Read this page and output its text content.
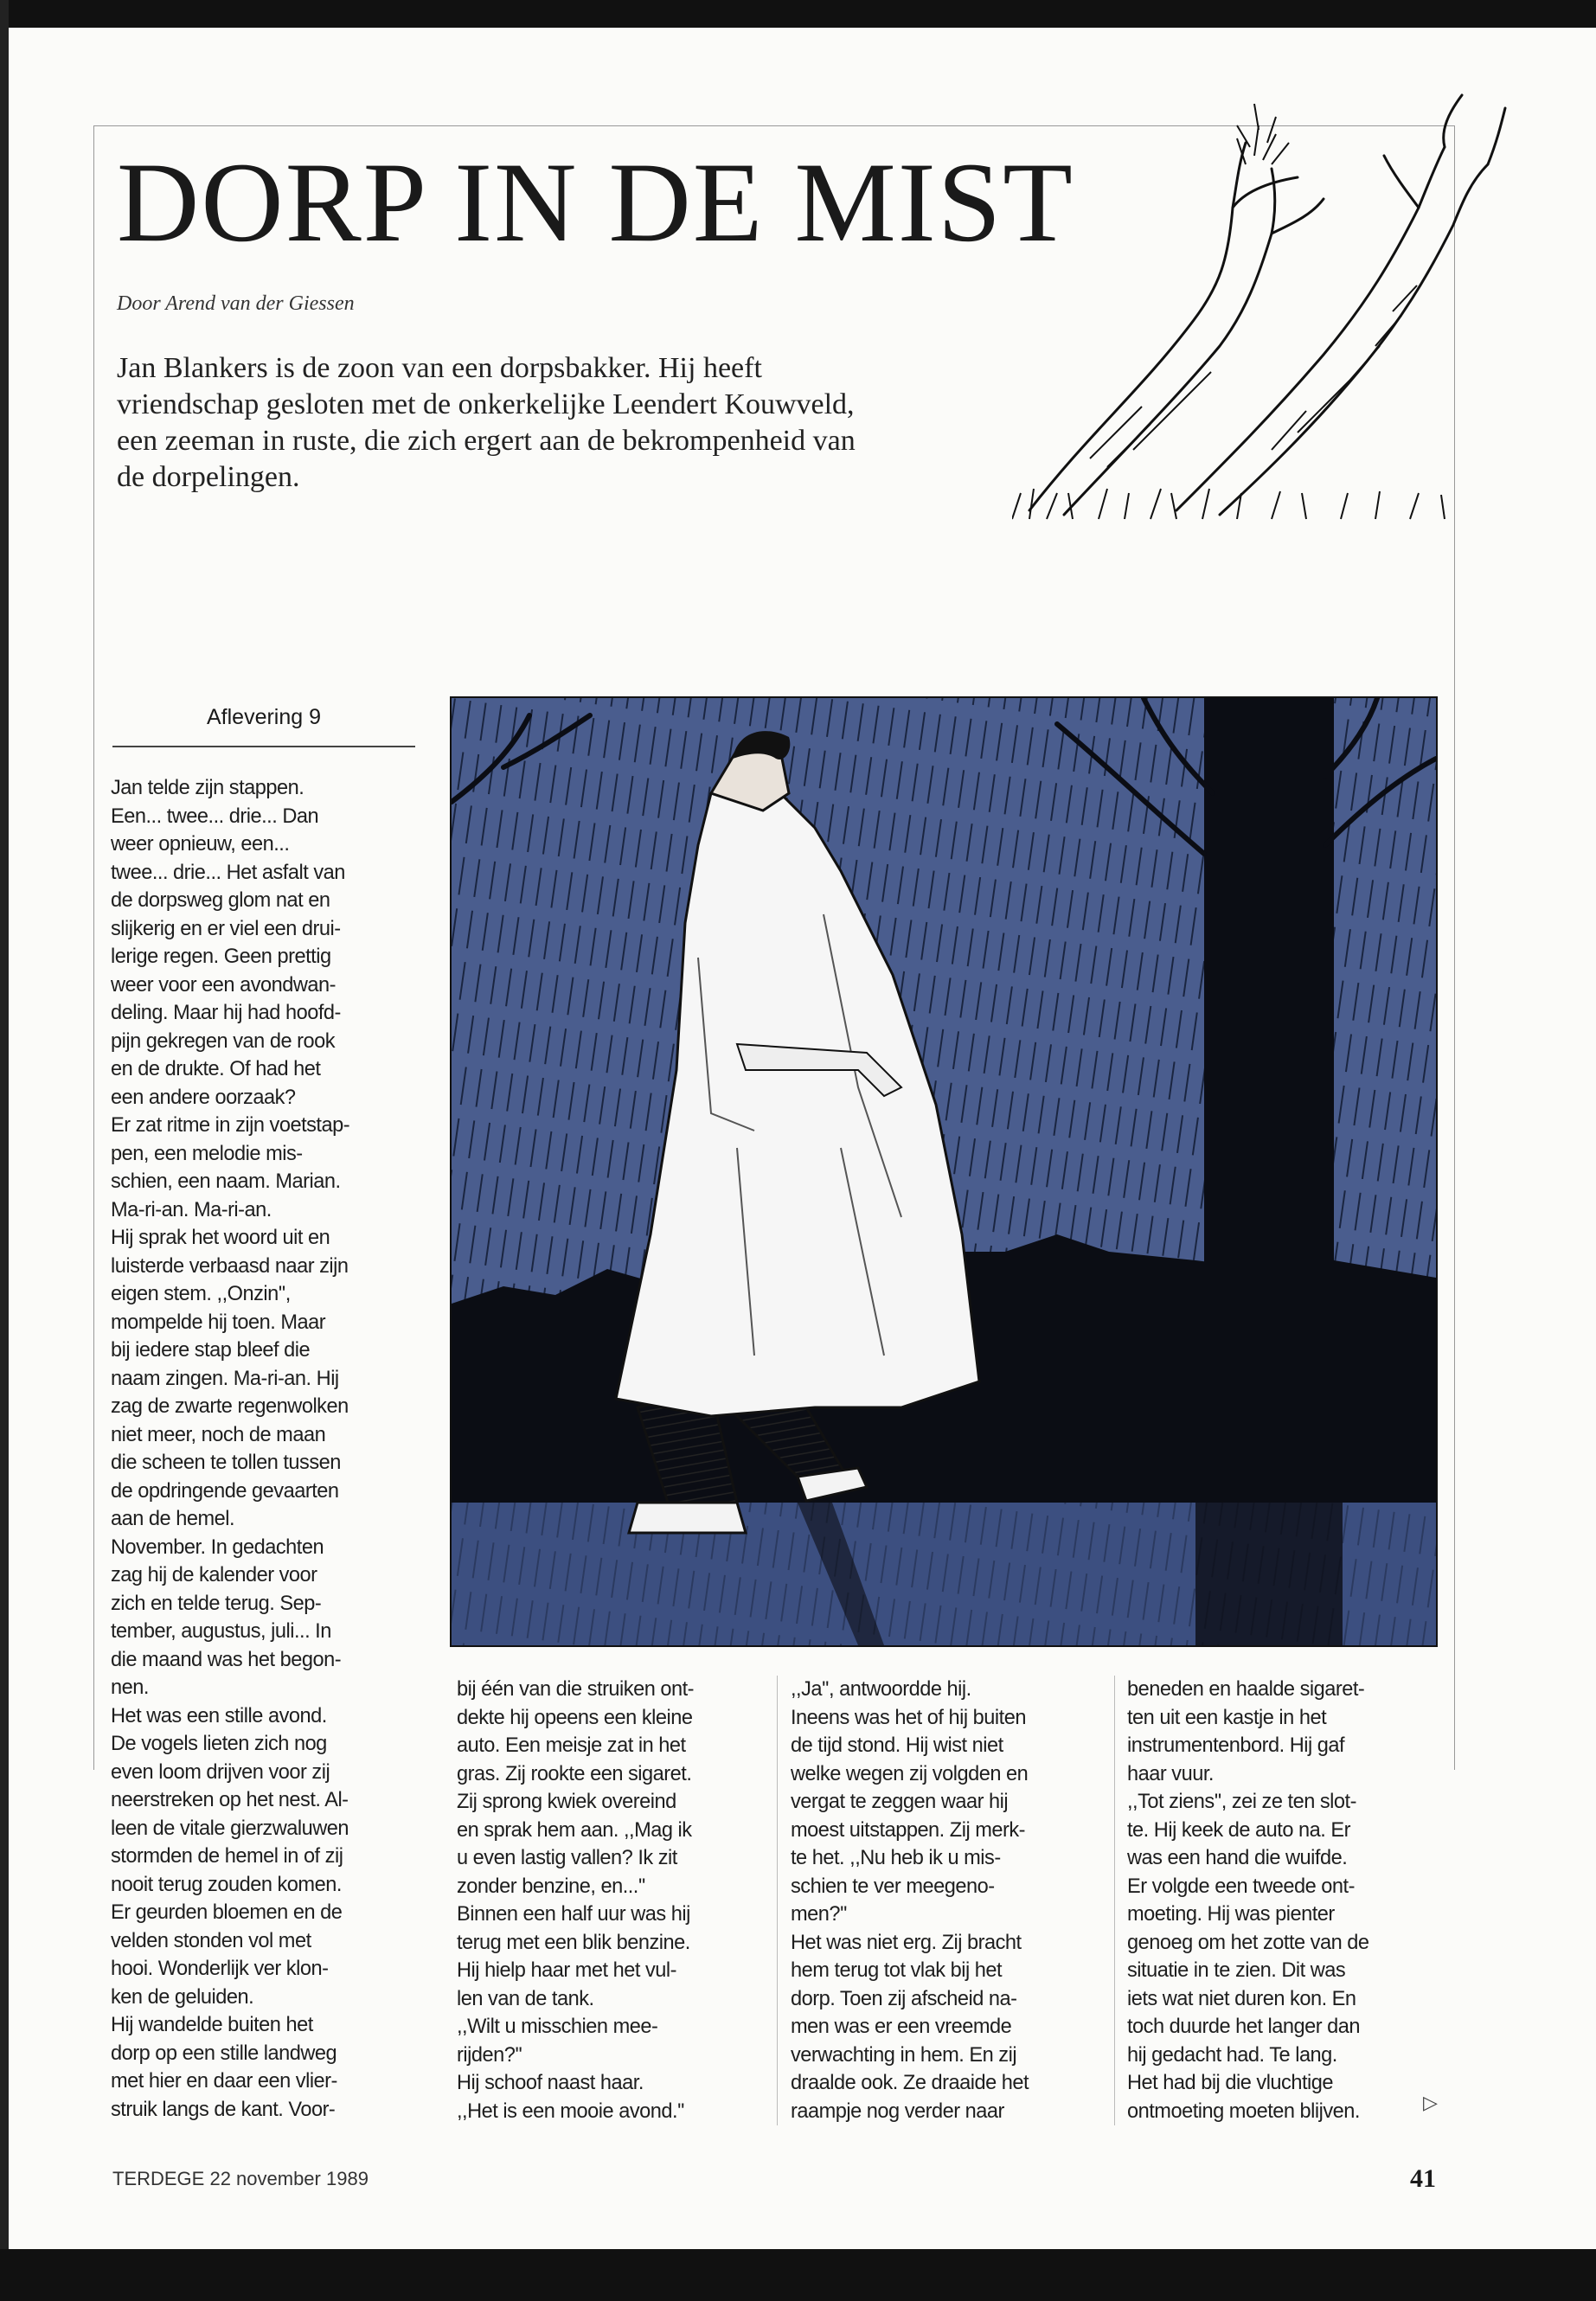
DORP IN DE MIST
Door Arend van der Giessen
Jan Blankers is de zoon van een dorpsbakker. Hij heeft vriendschap gesloten met de onkerkelijke Leendert Kouwveld, een zeeman in ruste, die zich ergert aan de bekrompenheid van de dorpelingen.
Aflevering 9
Jan telde zijn stappen.
Een... twee... drie... Dan
weer opnieuw, een...
twee... drie... Het asfalt van
de dorpsweg glom nat en
slijkerig en er viel een drui-
lerige regen. Geen prettig
weer voor een avondwan-
deling. Maar hij had hoofd-
pijn gekregen van de rook
en de drukte. Of had het
een andere oorzaak?
Er zat ritme in zijn voetstap-
pen, een melodie mis-
schien, een naam. Marian.
Ma-ri-an. Ma-ri-an.
Hij sprak het woord uit en
luisterde verbaasd naar zijn
eigen stem. ,,Onzin'',
mompelde hij toen. Maar
bij iedere stap bleef die
naam zingen. Ma-ri-an. Hij
zag de zwarte regenwolken
niet meer, noch de maan
die scheen te tollen tussen
de opdringende gevaarten
aan de hemel.
November. In gedachten
zag hij de kalender voor
zich en telde terug. Sep-
tember, augustus, juli... In
die maand was het begon-
nen.
Het was een stille avond.
De vogels lieten zich nog
even loom drijven voor zij
neerstreken op het nest. Al-
leen de vitale gierzwaluwen
stormden de hemel in of zij
nooit terug zouden komen.
Er geurden bloemen en de
velden stonden vol met
hooi. Wonderlijk ver klon-
ken de geluiden.
Hij wandelde buiten het
dorp op een stille landweg
met hier en daar een vlier-
struik langs de kant. Voor-
bij één van die struiken ont-
dekte hij opeens een kleine
auto. Een meisje zat in het
gras. Zij rookte een sigaret.
Zij sprong kwiek overeind
en sprak hem aan. ,,Mag ik
u even lastig vallen? Ik zit
zonder benzine, en...''
Binnen een half uur was hij
terug met een blik benzine.
Hij hielp haar met het vul-
len van de tank.
,,Wilt u misschien mee-
rijden?''
Hij schoof naast haar.
,,Het is een mooie avond.''
,,Ja'', antwoordde hij.
Ineens was het of hij buiten
de tijd stond. Hij wist niet
welke wegen zij volgden en
vergat te zeggen waar hij
moest uitstappen. Zij merk-
te het. ,,Nu heb ik u mis-
schien te ver meegeno-
men?''
Het was niet erg. Zij bracht
hem terug tot vlak bij het
dorp. Toen zij afscheid na-
men was er een vreemde
verwachting in hem. En zij
draalde ook. Ze draaide het
raampje nog verder naar
beneden en haalde sigaret-
ten uit een kastje in het
instrumentenbord. Hij gaf
haar vuur.
,,Tot ziens'', zei ze ten slot-
te. Hij keek de auto na. Er
was een hand die wuifde.
Er volgde een tweede ont-
moeting. Hij was pienter
genoeg om het zotte van de
situatie in te zien. Dit was
iets wat niet duren kon. En
toch duurde het langer dan
hij gedacht had. Te lang.
Het had bij die vluchtige
ontmoeting moeten blijven.	▷
TERDEGE 22 november 1989	41
